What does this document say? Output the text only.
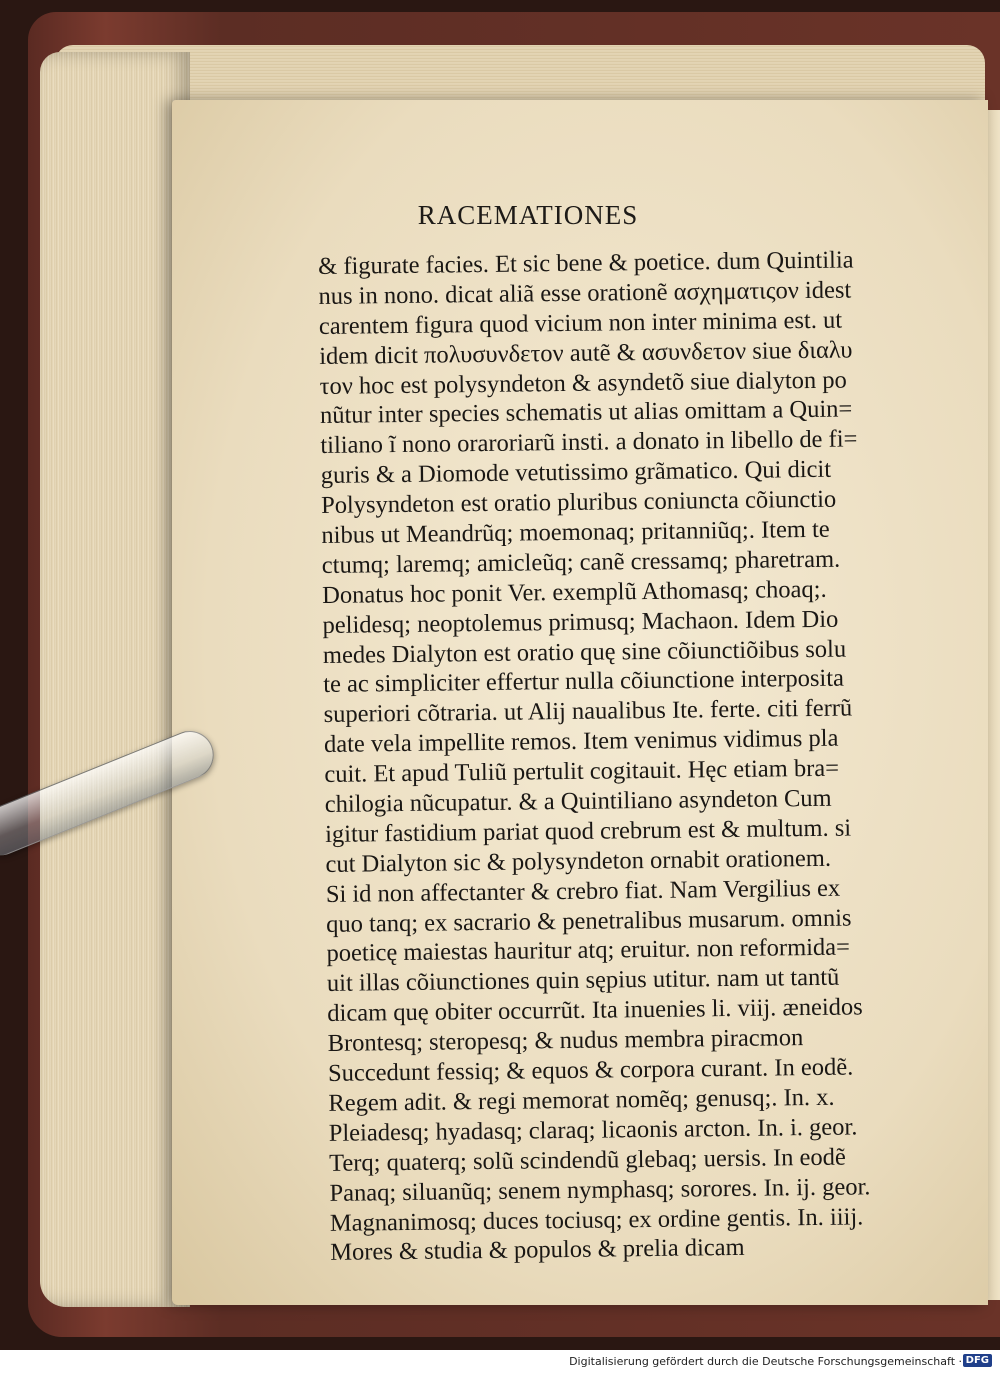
RACEMATIONES
& figurate facies. Et sic bene & poetice. dum Quintilia
nus in nono. dicat aliã esse orationẽ ασχηματιςον idest
carentem figura quod vicium non inter minima est. ut
idem dicit πολυσυνδετον autẽ & ασυνδετον siue διαλυ
τον hoc est polysyndeton & asyndetõ siue dialyton po
nũtur inter species schematis ut alias omittam a Quin=
tiliano ĩ nono oraroriarũ insti. a donato in libello de fi=
guris & a Diomode vetutissimo grãmatico. Qui dicit
Polysyndeton est oratio pluribus coniuncta cõiunctio
nibus ut Meandrũq; moemonaq; pritanniũq;. Item te
ctumq; laremq; amicleũq; canẽ cressamq; pharetram.
Donatus hoc ponit Ver. exemplũ Athomasq; choaq;.
pelidesq; neoptolemus primusq; Machaon. Idem Dio
medes Dialyton est oratio quę sine cõiunctiõibus solu
te ac simpliciter effertur nulla cõiunctione interposita
superiori cõtraria. ut Alij naualibus Ite. ferte. citi ferrũ
date vela impellite remos. Item venimus vidimus pla
cuit. Et apud Tuliũ pertulit cogitauit. Hęc etiam bra=
chilogia nũcupatur. & a Quintiliano asyndeton Cum
igitur fastidium pariat quod crebrum est & multum. si
cut Dialyton sic & polysyndeton ornabit orationem.
Si id non affectanter & crebro fiat. Nam Vergilius ex
quo tanq; ex sacrario & penetralibus musarum. omnis
poeticę maiestas hauritur atq; eruitur. non reformida=
uit illas cõiunctiones quin sępius utitur. nam ut tantũ
dicam quę obiter occurrũt. Ita inuenies li. viij. æneidos
Brontesq; steropesq; & nudus membra piracmon
Succedunt fessiq; & equos & corpora curant. In eodẽ.
Regem adit. & regi memorat nomẽq; genusq;. In. x.
Pleiadesq; hyadasq; claraq; licaonis arcton. In. i. geor.
Terq; quaterq; solũ scindendũ glebaq; uersis. In eodẽ
Panaq; siluanũq; senem nymphasq; sorores. In. ij. geor.
Magnanimosq; duces tociusq; ex ordine gentis. In. iiij.
Mores & studia & populos & prelia dicam
Digitalisierung gefördert durch die Deutsche Forschungsgemeinschaft · DFG
